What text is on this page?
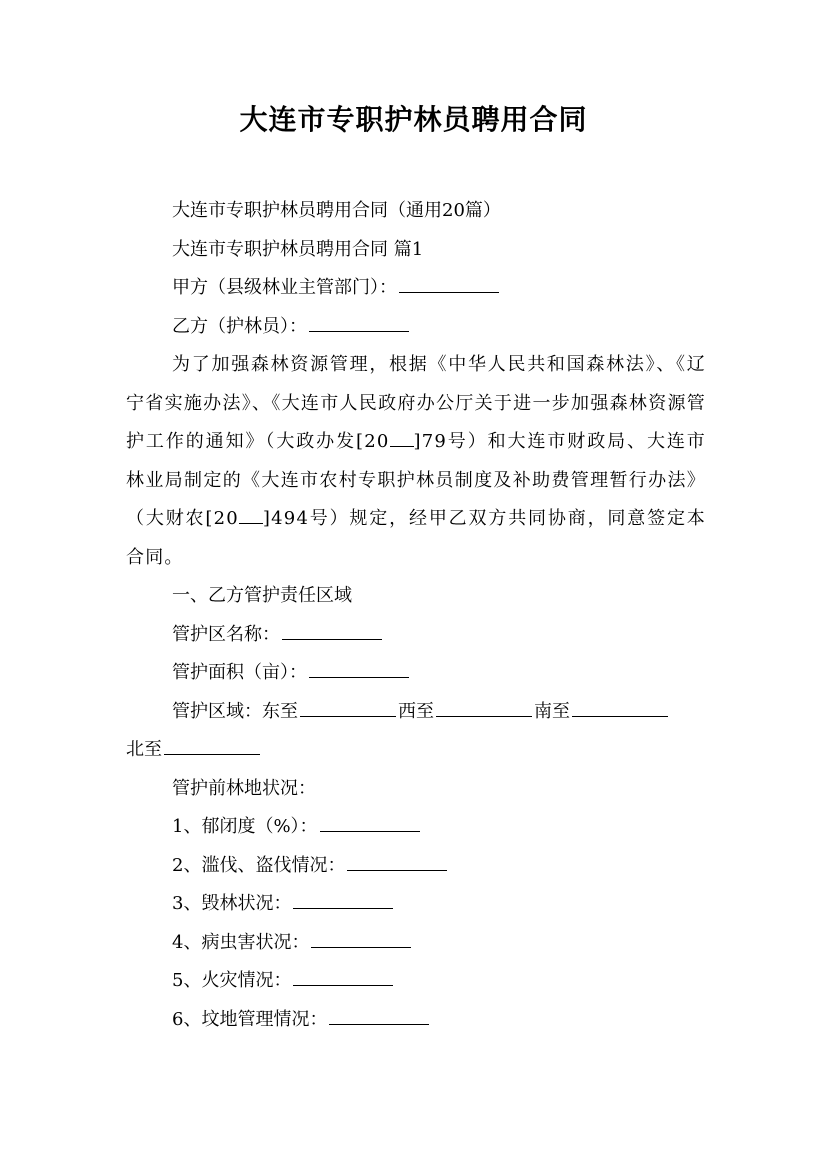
大连市专职护林员聘用合同

大连市专职护林员聘用合同（通用20篇）

大连市专职护林员聘用合同 篇1

甲方（县级林业主管部门）：

乙方（护林员）：

为了加强森林资源管理，根据《中华人民共和国森林法》、《辽宁省实施办法》、《大连市人民政府办公厅关于进一步加强森林资源管护工作的通知》（大政办发[20 ]79号）和大连市财政局、大连市林业局制定的《大连市农村专职护林员制度及补助费管理暂行办法》（大财农[20 ]494号）规定，经甲乙双方共同协商，同意签定本合同。

一、乙方管护责任区域

管护区名称：

管护面积（亩）：

管护区域：东至	西至	南至

北至

管护前林地状况：

1、郁闭度（%）：

2、滥伐、盗伐情况：

3、毁林状况：

4、病虫害状况：

5、火灾情况：

6、坟地管理情况：
